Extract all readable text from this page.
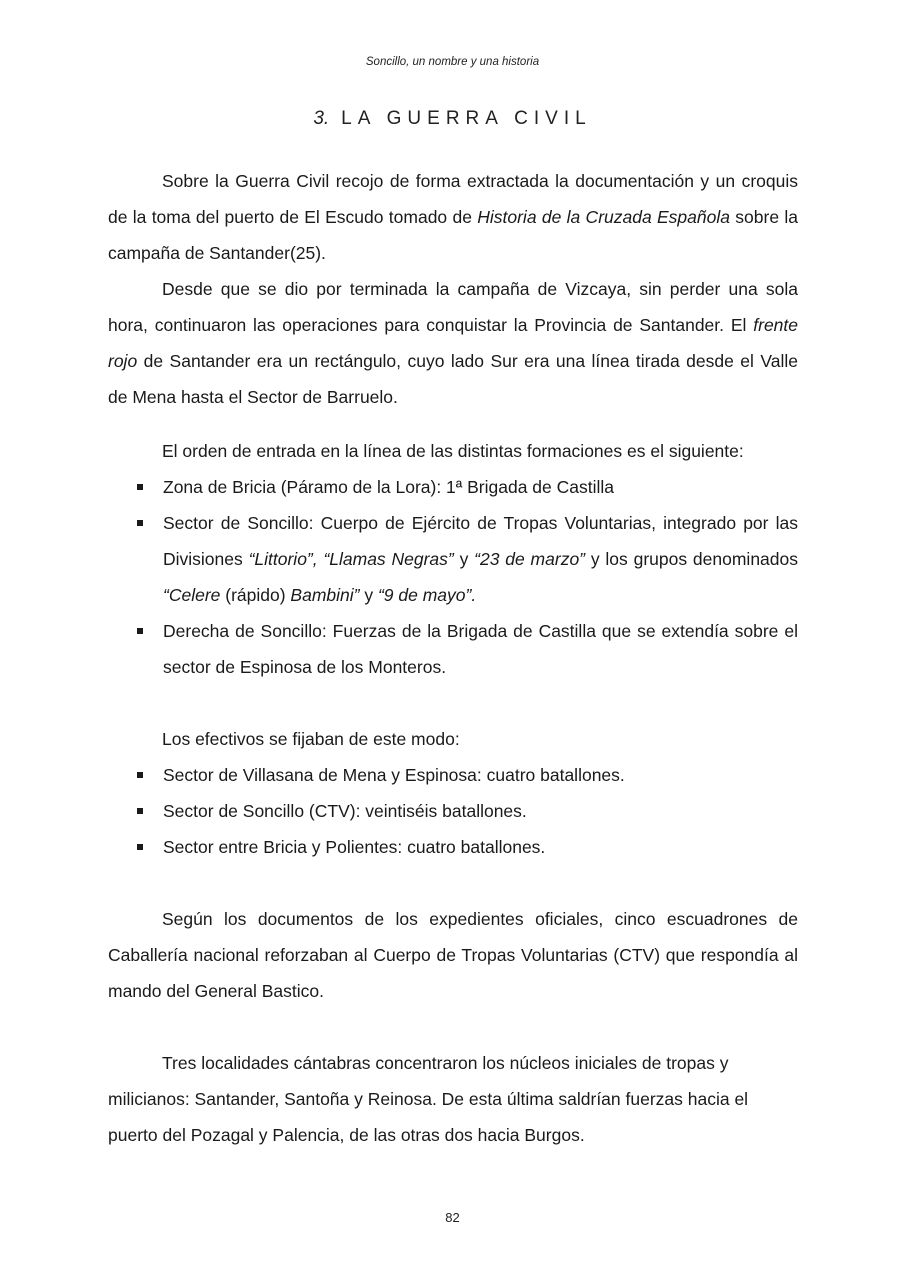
Soncillo, un nombre y una historia
3. LA GUERRA CIVIL

Sobre la Guerra Civil recojo de forma extractada la documentación y un croquis de la toma del puerto de El Escudo tomado de Historia de la Cruzada Española sobre la campaña de Santander(25).

Desde que se dio por terminada la campaña de Vizcaya, sin perder una sola hora, continuaron las operaciones para conquistar la Provincia de Santander. El frente rojo de Santander era un rectángulo, cuyo lado Sur era una línea tirada desde el Valle de Mena hasta el Sector de Barruelo.

El orden de entrada en la línea de las distintas formaciones es el siguiente:

Zona de Bricia (Páramo de la Lora): 1ª Brigada de Castilla
Sector de Soncillo: Cuerpo de Ejército de Tropas Voluntarias, integrado por las Divisiones “Littorio”, “Llamas Negras” y “23 de marzo” y los grupos denominados “Celere (rápido) Bambini” y “9 de mayo”.
Derecha de Soncillo: Fuerzas de la Brigada de Castilla que se extendía sobre el sector de Espinosa de los Monteros.

Los efectivos se fijaban de este modo:

Sector de Villasana de Mena y Espinosa: cuatro batallones.
Sector de Soncillo (CTV): veintiséis batallones.
Sector entre Bricia y Polientes: cuatro batallones.

Según los documentos de los expedientes oficiales, cinco escuadrones de Caballería nacional reforzaban al Cuerpo de Tropas Voluntarias (CTV) que respondía al mando del General Bastico.

Tres localidades cántabras concentraron los núcleos iniciales de tropas y milicianos: Santander, Santoña y Reinosa. De esta última saldrían fuerzas hacia el puerto del Pozagal y Palencia, de las otras dos hacia Burgos.

82
